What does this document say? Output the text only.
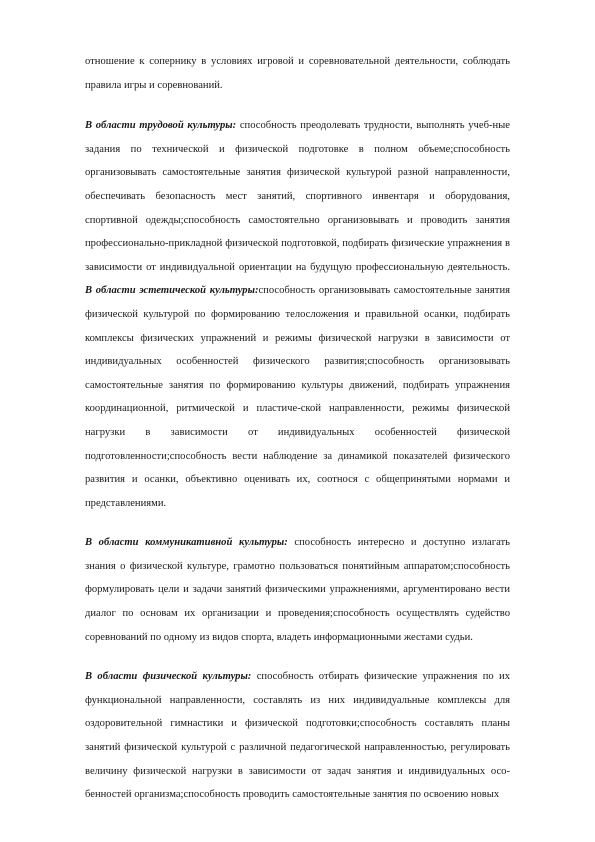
отношение к сопернику в условиях игровой и соревновательной деятельности, соблюдать правила игры и соревнований.

В области трудовой культуры: способность преодолевать трудности, выполнять учеб-ные задания по технической и физической подготовке в полном объеме;способность организовывать самостоятельные занятия физической культурой разной направленности, обеспечивать безопасность мест занятий, спортивного инвентаря и оборудования, спортивной одежды;способность самостоятельно организовывать и проводить занятия профессионально-прикладной физической подготовкой, подбирать физические упражнения в зависимости от индивидуальной ориентации на будущую профессиональную деятельность. В области эстетической культуры:способность организовывать самостоятельные занятия физической культурой по формированию телосложения и правильной осанки, подбирать комплексы физических упражнений и режимы физической нагрузки в зависимости от индивидуальных особенностей физического развития;способность организовывать самостоятельные занятия по формированию культуры движений, подбирать упражнения координационной, ритмической и пластиче-ской направленности, режимы физической нагрузки в зависимости от индивидуальных особенностей физической подготовленности;способность вести наблюдение за динамикой показателей физического развития и осанки, объективно оценивать их, соотнося с общепринятыми нормами и представлениями.

В области коммуникативной культуры: способность интересно и доступно излагать знания о физической культуре, грамотно пользоваться понятийным аппаратом;способность формулировать цели и задачи занятий физическими упражнениями, аргументировано вести диалог по основам их организации и проведения;способность осуществлять судейство соревнований по одному из видов спорта, владеть информационными жестами судьи.

В области физической культуры: способность отбирать физические упражнения по их функциональной направленности, составлять из них индивидуальные комплексы для оздоровительной гимнастики и физической подготовки;способность составлять планы занятий физической культурой с различной педагогической направленностью, регулировать величину физической нагрузки в зависимости от задач занятия и индивидуальных осо-бенностей организма;способность проводить самостоятельные занятия по освоению новых
